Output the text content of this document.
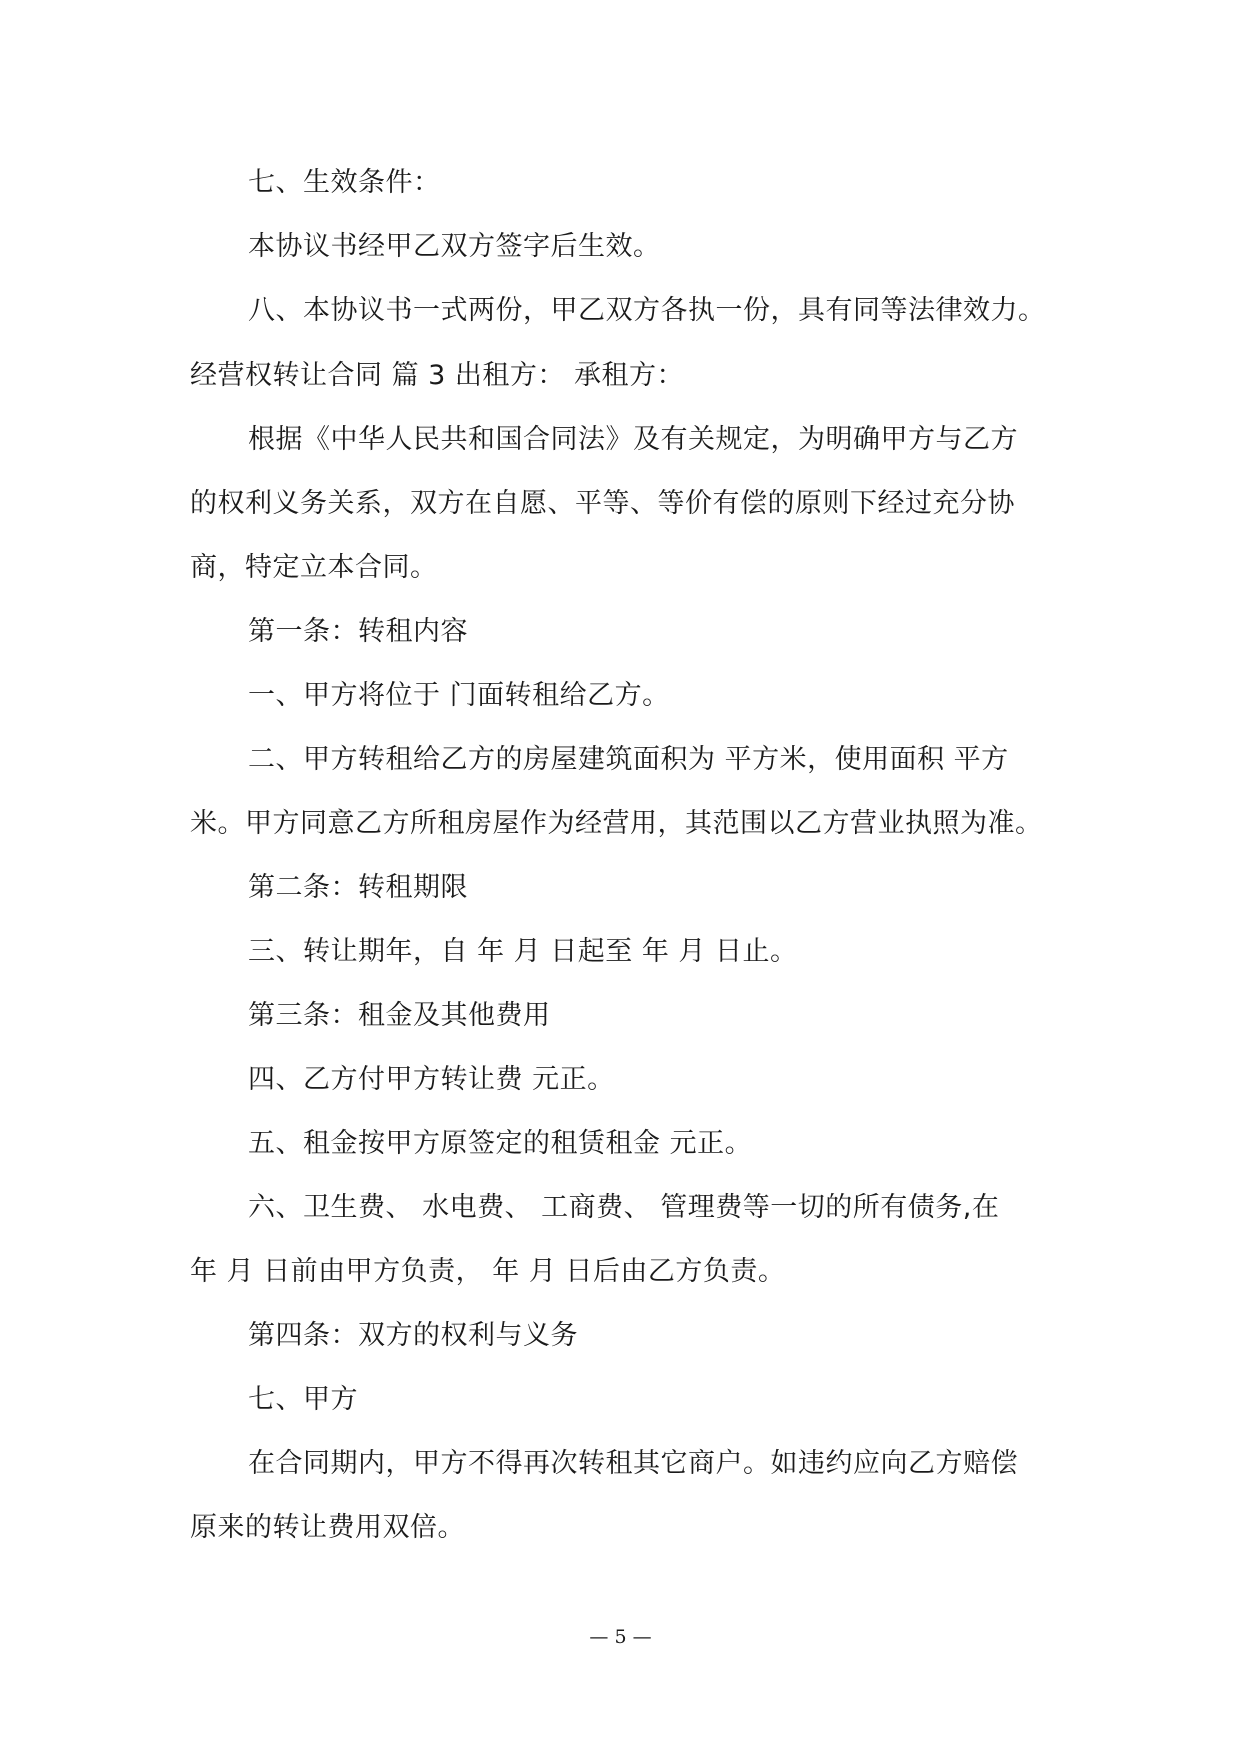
七、生效条件：
本协议书经甲乙双方签字后生效。
八、本协议书一式两份，甲乙双方各执一份，具有同等法律效力。
经营权转让合同 篇 3 出租方： 承租方：
根据《中华人民共和国合同法》及有关规定，为明确甲方与乙方
的权利义务关系，双方在自愿、平等、等价有偿的原则下经过充分协
商，特定立本合同。
第一条：转租内容
一、甲方将位于 门面转租给乙方。
二、甲方转租给乙方的房屋建筑面积为 平方米，使用面积 平方
米。甲方同意乙方所租房屋作为经营用，其范围以乙方营业执照为准。
第二条：转租期限
三、转让期年，自 年 月 日起至 年 月 日止。
第三条：租金及其他费用
四、乙方付甲方转让费 元正。
五、租金按甲方原签定的租赁租金 元正。
六、卫生费、 水电费、 工商费、 管理费等一切的所有债务,在
年 月 日前由甲方负责， 年 月 日后由乙方负责。
第四条：双方的权利与义务
七、甲方
在合同期内，甲方不得再次转租其它商户。如违约应向乙方赔偿
原来的转让费用双倍。
— 5 —
